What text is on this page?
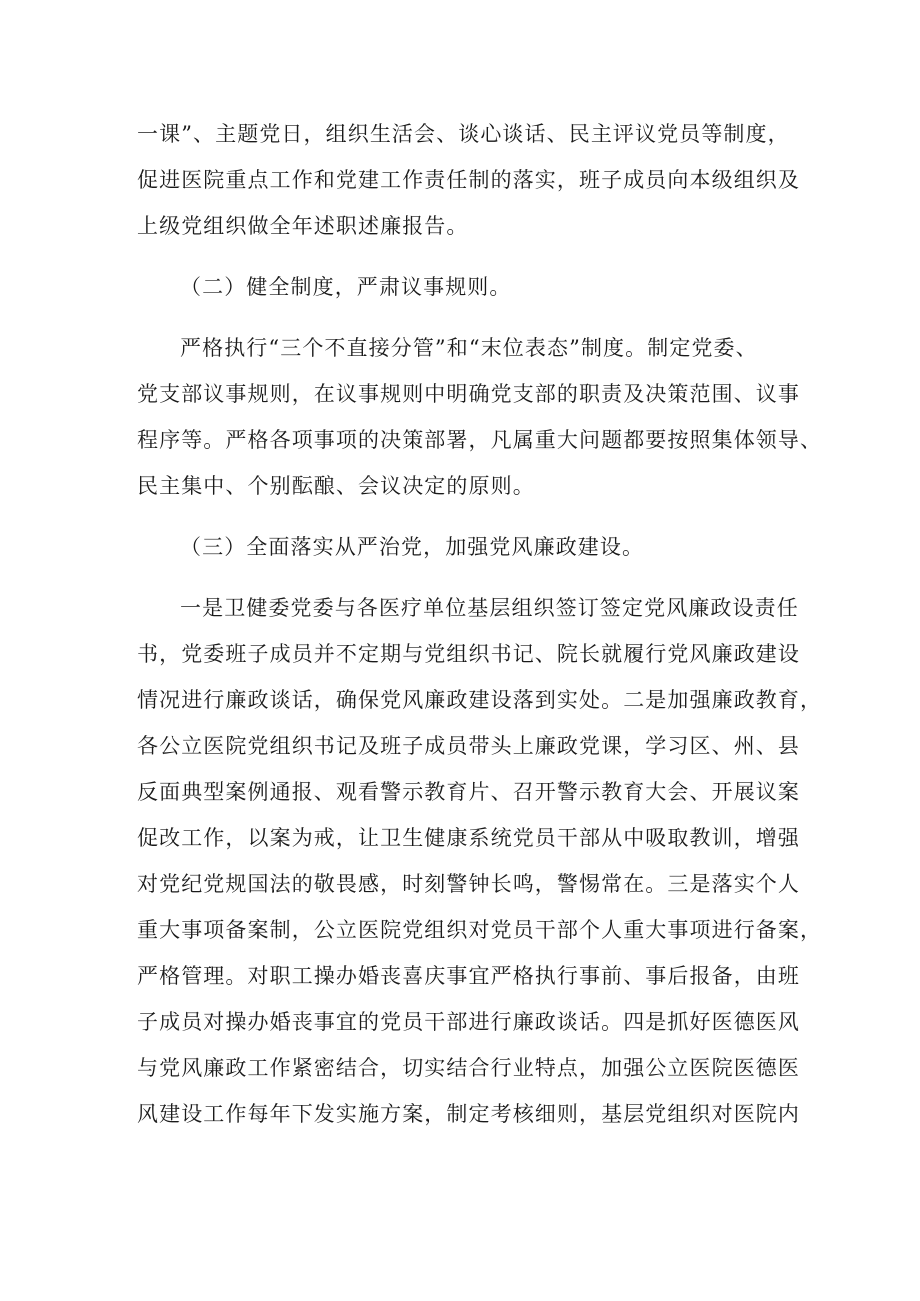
一课”、主题党日，组织生活会、谈心谈话、民主评议党员等制度，
促进医院重点工作和党建工作责任制的落实，班子成员向本级组织及
上级党组织做全年述职述廉报告。
（二）健全制度，严肃议事规则。
严格执行“三个不直接分管”和“末位表态”制度。制定党委、
党支部议事规则，在议事规则中明确党支部的职责及决策范围、议事
程序等。严格各项事项的决策部署，凡属重大问题都要按照集体领导、
民主集中、个别酝酿、会议决定的原则。
（三）全面落实从严治党，加强党风廉政建设。
一是卫健委党委与各医疗单位基层组织签订签定党风廉政设责任
书，党委班子成员并不定期与党组织书记、院长就履行党风廉政建设
情况进行廉政谈话，确保党风廉政建设落到实处。二是加强廉政教育，
各公立医院党组织书记及班子成员带头上廉政党课，学习区、州、县
反面典型案例通报、观看警示教育片、召开警示教育大会、开展议案
促改工作，以案为戒，让卫生健康系统党员干部从中吸取教训，增强
对党纪党规国法的敬畏感，时刻警钟长鸣，警惕常在。三是落实个人
重大事项备案制，公立医院党组织对党员干部个人重大事项进行备案，
严格管理。对职工操办婚丧喜庆事宜严格执行事前、事后报备，由班
子成员对操办婚丧事宜的党员干部进行廉政谈话。四是抓好医德医风
与党风廉政工作紧密结合，切实结合行业特点，加强公立医院医德医
风建设工作每年下发实施方案，制定考核细则，基层党组织对医院内
